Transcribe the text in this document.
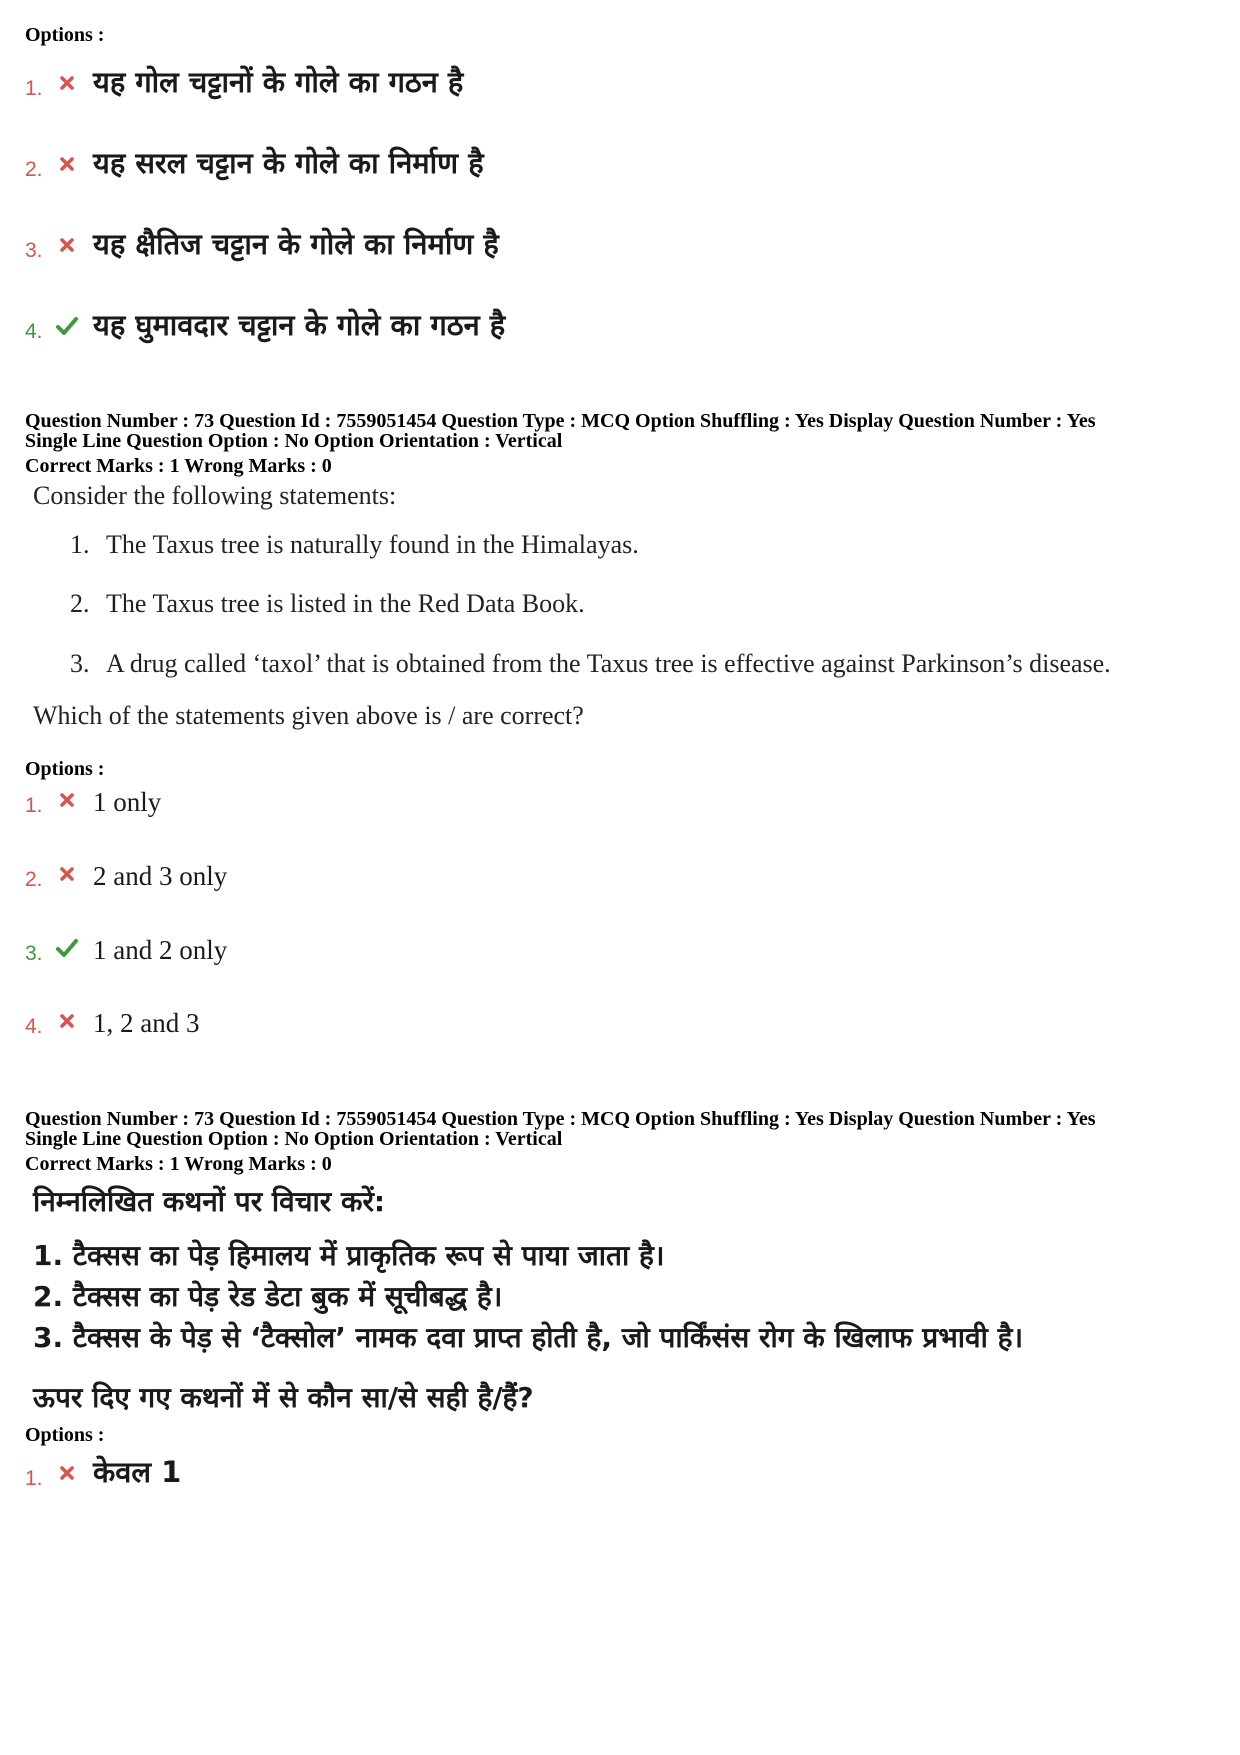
Options :
1.	यह गोल चट्टानों के गोले का गठन है
2.	यह सरल चट्टान के गोले का निर्माण है
3.	यह क्षैतिज चट्टान के गोले का निर्माण है
4.	यह घुमावदार चट्टान के गोले का गठन है
Question Number : 73 Question Id : 7559051454 Question Type : MCQ Option Shuffling : Yes Display Question Number : Yes
Single Line Question Option : No Option Orientation : Vertical
Correct Marks : 1 Wrong Marks : 0
Consider the following statements:
1. The Taxus tree is naturally found in the Himalayas.
2. The Taxus tree is listed in the Red Data Book.
3. A drug called ‘taxol’ that is obtained from the Taxus tree is effective against Parkinson’s disease.
Which of the statements given above is / are correct?
Options :
1.	1 only
2.	2 and 3 only
3.	1 and 2 only
4.	1, 2 and 3
Question Number : 73 Question Id : 7559051454 Question Type : MCQ Option Shuffling : Yes Display Question Number : Yes
Single Line Question Option : No Option Orientation : Vertical
Correct Marks : 1 Wrong Marks : 0
निम्नलिखित कथनों पर विचार करें:
1. टैक्सस का पेड़ हिमालय में प्राकृतिक रूप से पाया जाता है।
2. टैक्सस का पेड़ रेड डेटा बुक में सूचीबद्ध है।
3. टैक्सस के पेड़ से ‘टैक्सोल’ नामक दवा प्राप्त होती है, जो पार्किंसंस रोग के खिलाफ प्रभावी है।
ऊपर दिए गए कथनों में से कौन सा/से सही है/हैं?
Options :
1.	केवल 1
